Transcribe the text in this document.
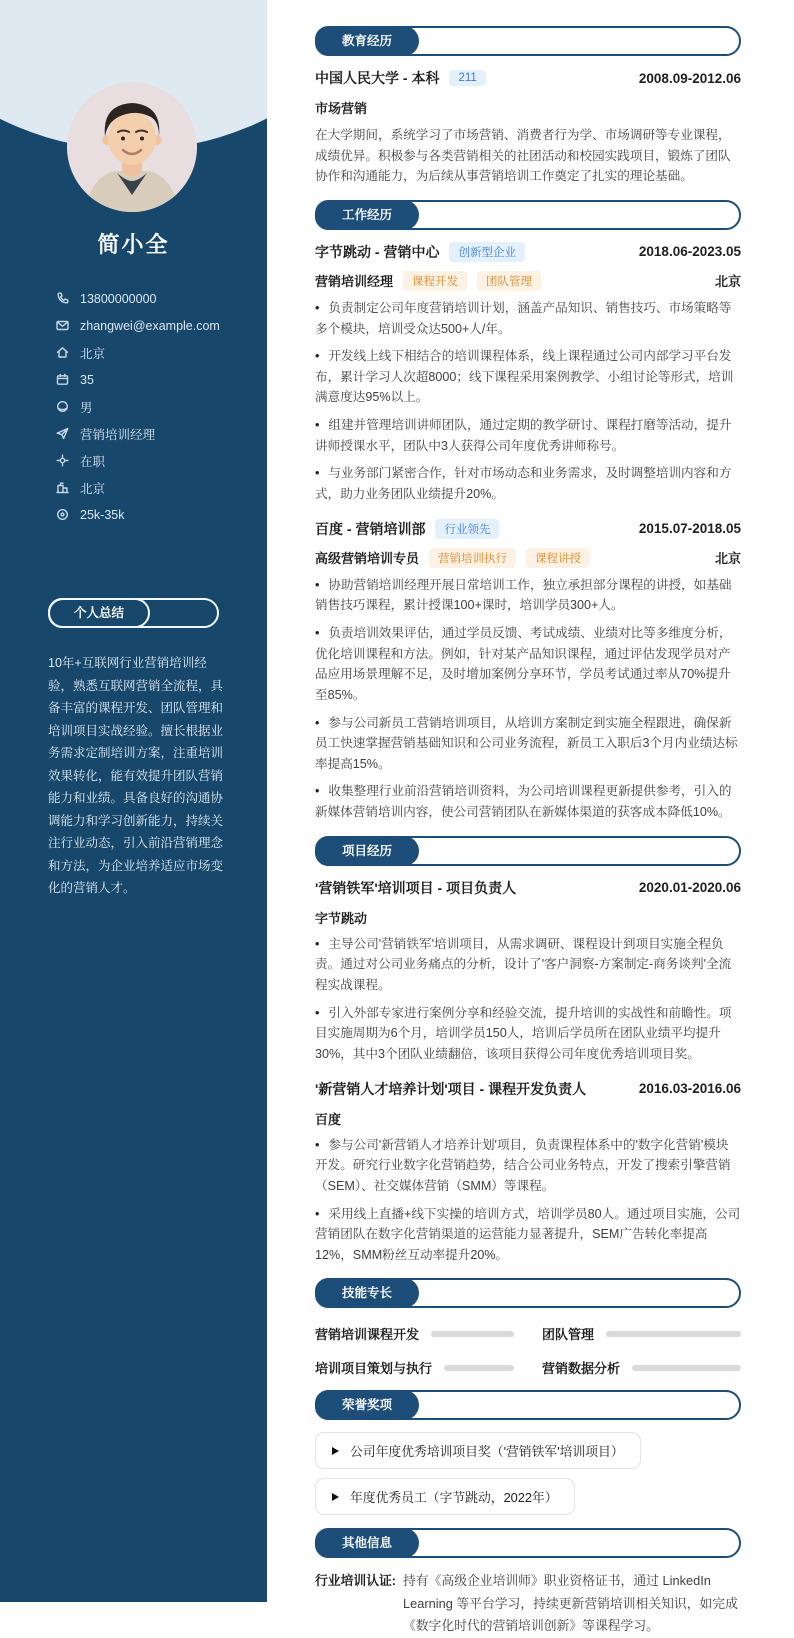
简小全
13800000000
zhangwei@example.com
北京
35
男
营销培训经理
在职
北京
25k-35k
个人总结

10年+互联网行业营销培训经验，熟悉互联网营销全流程，具备丰富的课程开发、团队管理和培训项目实战经验。擅长根据业务需求定制培训方案，注重培训效果转化，能有效提升团队营销能力和业绩。具备良好的沟通协调能力和学习创新能力，持续关注行业动态，引入前沿营销理念和方法，为企业培养适应市场变化的营销人才。

教育经历
中国人民大学 - 本科	211	2008.09-2012.06
市场营销

在大学期间，系统学习了市场营销、消费者行为学、市场调研等专业课程，成绩优异。积极参与各类营销相关的社团活动和校园实践项目，锻炼了团队协作和沟通能力，为后续从事营销培训工作奠定了扎实的理论基础。

工作经历
字节跳动 - 营销中心	创新型企业	2018.06-2023.05
营销培训经理	课程开发	团队管理	北京

• 负责制定公司年度营销培训计划，涵盖产品知识、销售技巧、市场策略等多个模块，培训受众达500+人/年。

• 开发线上线下相结合的培训课程体系，线上课程通过公司内部学习平台发布，累计学习人次超8000；线下课程采用案例教学、小组讨论等形式，培训满意度达95%以上。

• 组建并管理培训讲师团队，通过定期的教学研讨、课程打磨等活动，提升讲师授课水平，团队中3人获得公司年度优秀讲师称号。

• 与业务部门紧密合作，针对市场动态和业务需求，及时调整培训内容和方式，助力业务团队业绩提升20%。

百度 - 营销培训部	行业领先	2015.07-2018.05
高级营销培训专员	营销培训执行	课程讲授	北京

• 协助营销培训经理开展日常培训工作，独立承担部分课程的讲授，如基础销售技巧课程，累计授课100+课时，培训学员300+人。

• 负责培训效果评估，通过学员反馈、考试成绩、业绩对比等多维度分析，优化培训课程和方法。例如，针对某产品知识课程，通过评估发现学员对产品应用场景理解不足，及时增加案例分享环节，学员考试通过率从70%提升至85%。

• 参与公司新员工营销培训项目，从培训方案制定到实施全程跟进，确保新员工快速掌握营销基础知识和公司业务流程，新员工入职后3个月内业绩达标率提高15%。

• 收集整理行业前沿营销培训资料，为公司培训课程更新提供参考，引入的新媒体营销培训内容，使公司营销团队在新媒体渠道的获客成本降低10%。

项目经历
'营销铁军'培训项目 - 项目负责人	2020.01-2020.06
字节跳动

• 主导公司'营销铁军'培训项目，从需求调研、课程设计到项目实施全程负责。通过对公司业务痛点的分析，设计了'客户洞察-方案制定-商务谈判'全流程实战课程。

• 引入外部专家进行案例分享和经验交流，提升培训的实战性和前瞻性。项目实施周期为6个月，培训学员150人，培训后学员所在团队业绩平均提升30%，其中3个团队业绩翻倍，该项目获得公司年度优秀培训项目奖。

'新营销人才培养计划'项目 - 课程开发负责人	2016.03-2016.06
百度

• 参与公司'新营销人才培养计划'项目，负责课程体系中的'数字化营销'模块开发。研究行业数字化营销趋势，结合公司业务特点，开发了搜索引擎营销（SEM）、社交媒体营销（SMM）等课程。

• 采用线上直播+线下实操的培训方式，培训学员80人。通过项目实施，公司营销团队在数字化营销渠道的运营能力显著提升，SEM广告转化率提高12%，SMM粉丝互动率提升20%。

技能专长
营销培训课程开发	团队管理
培训项目策划与执行	营销数据分析
荣誉奖项
公司年度优秀培训项目奖（'营销铁军'培训项目）
年度优秀员工（字节跳动，2022年）
其他信息
行业培训认证: 持有《高级企业培训师》职业资格证书，通过 LinkedIn Learning 等平台学习，持续更新营销培训相关知识，如完成《数字化时代的营销培训创新》等课程学习。
